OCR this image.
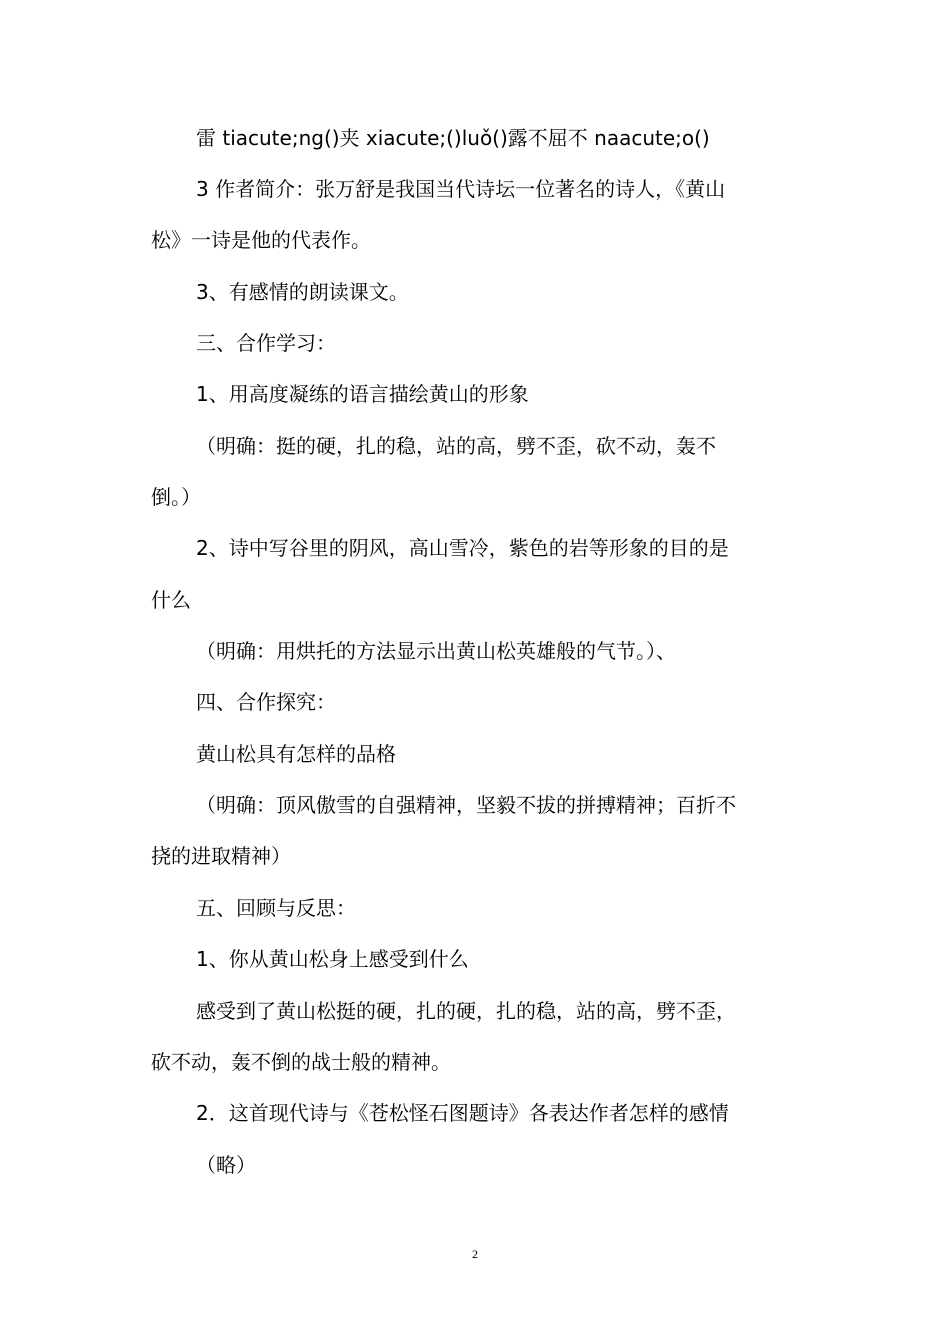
雷 tiacute;ng()夹 xiacute;()luǒ()露不屈不 naacute;o()
3 作者简介：张万舒是我国当代诗坛一位著名的诗人，《黄山
松》一诗是他的代表作。
3、有感情的朗读课文。
三、合作学习：
1、用高度凝练的语言描绘黄山的形象
（明确：挺的硬，扎的稳，站的高，劈不歪，砍不动，轰不
倒。）
2、诗中写谷里的阴风，高山雪冷，紫色的岩等形象的目的是
什么
（明确：用烘托的方法显示出黄山松英雄般的气节。）、
四、合作探究：
黄山松具有怎样的品格
（明确：顶风傲雪的自强精神，坚毅不拔的拼搏精神；百折不
挠的进取精神）
五、回顾与反思：
1、你从黄山松身上感受到什么
感受到了黄山松挺的硬，扎的硬，扎的稳，站的高，劈不歪，
砍不动，轰不倒的战士般的精神。
2．这首现代诗与《苍松怪石图题诗》各表达作者怎样的感情
（略）
2
